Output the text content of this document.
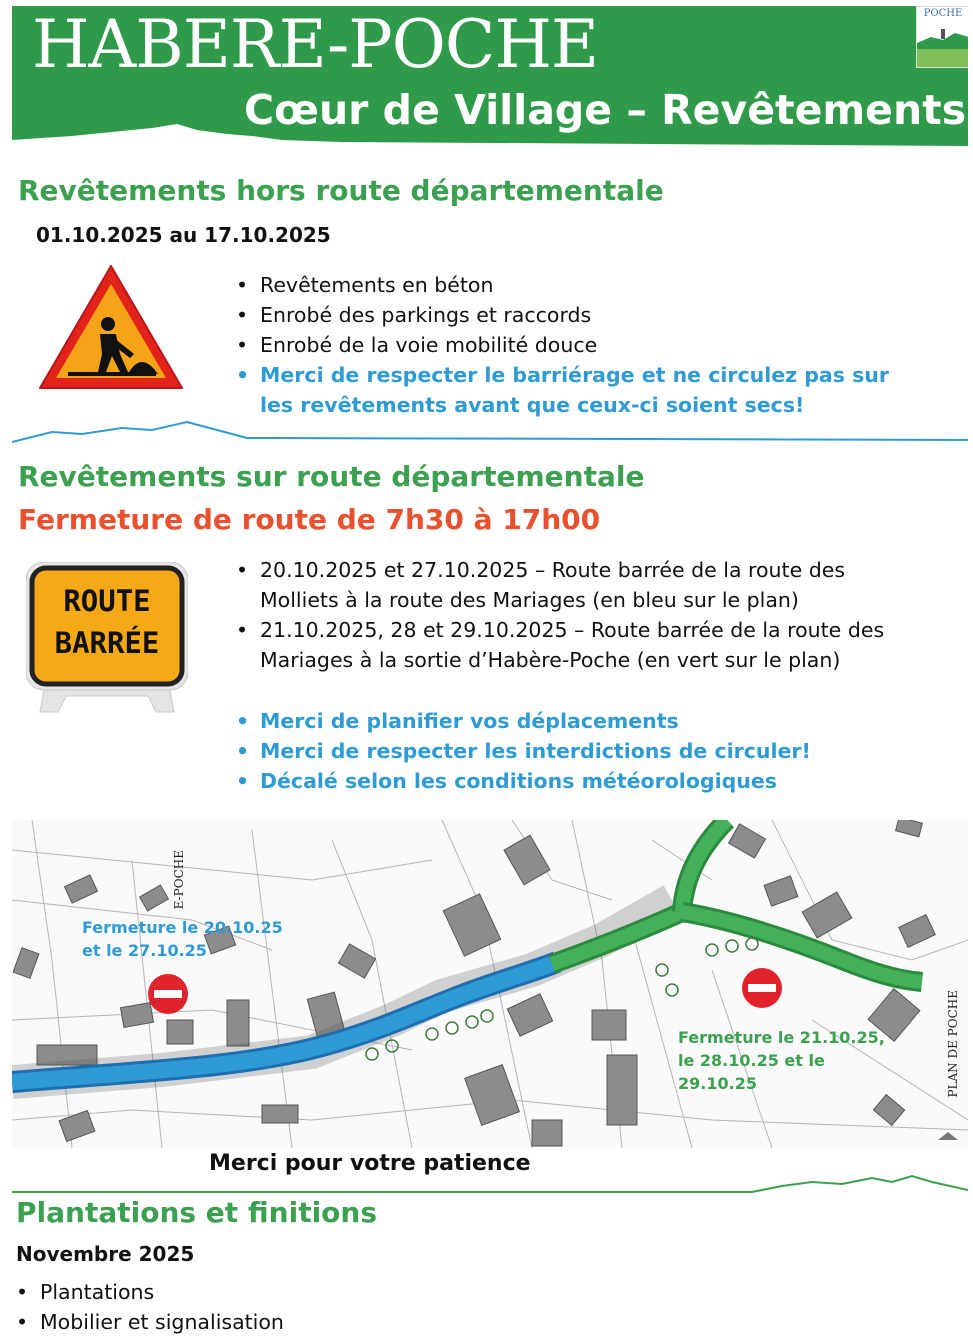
HABERE-POCHE
Cœur de Village – Revêtements
POCHE
Revêtements hors route départementale
01.10.2025 au 17.10.2025
• Revêtements en béton
• Enrobé des parkings et raccords
• Enrobé de la voie mobilité douce
• Merci de respecter le barriérage et ne circulez pas sur
les revêtements avant que ceux-ci soient secs!
Revêtements sur route départementale
Fermeture de route de 7h30 à 17h00
ROUTE
BARRÉE
• 20.10.2025 et 27.10.2025 – Route barrée de la route des
Molliets à la route des Mariages (en bleu sur le plan)
• 21.10.2025, 28 et 29.10.2025 – Route barrée de la route des
Mariages à la sortie d’Habère-Poche (en vert sur le plan)
• Merci de planifier vos déplacements
• Merci de respecter les interdictions de circuler!
• Décalé selon les conditions météorologiques
E-POCHE
PLAN DE POCHE
Fermeture le 20.10.25
et le 27.10.25
Fermeture le 21.10.25,
le 28.10.25 et le
29.10.25
Merci pour votre patience
Plantations et finitions
Novembre 2025
• Plantations
• Mobilier et signalisation
